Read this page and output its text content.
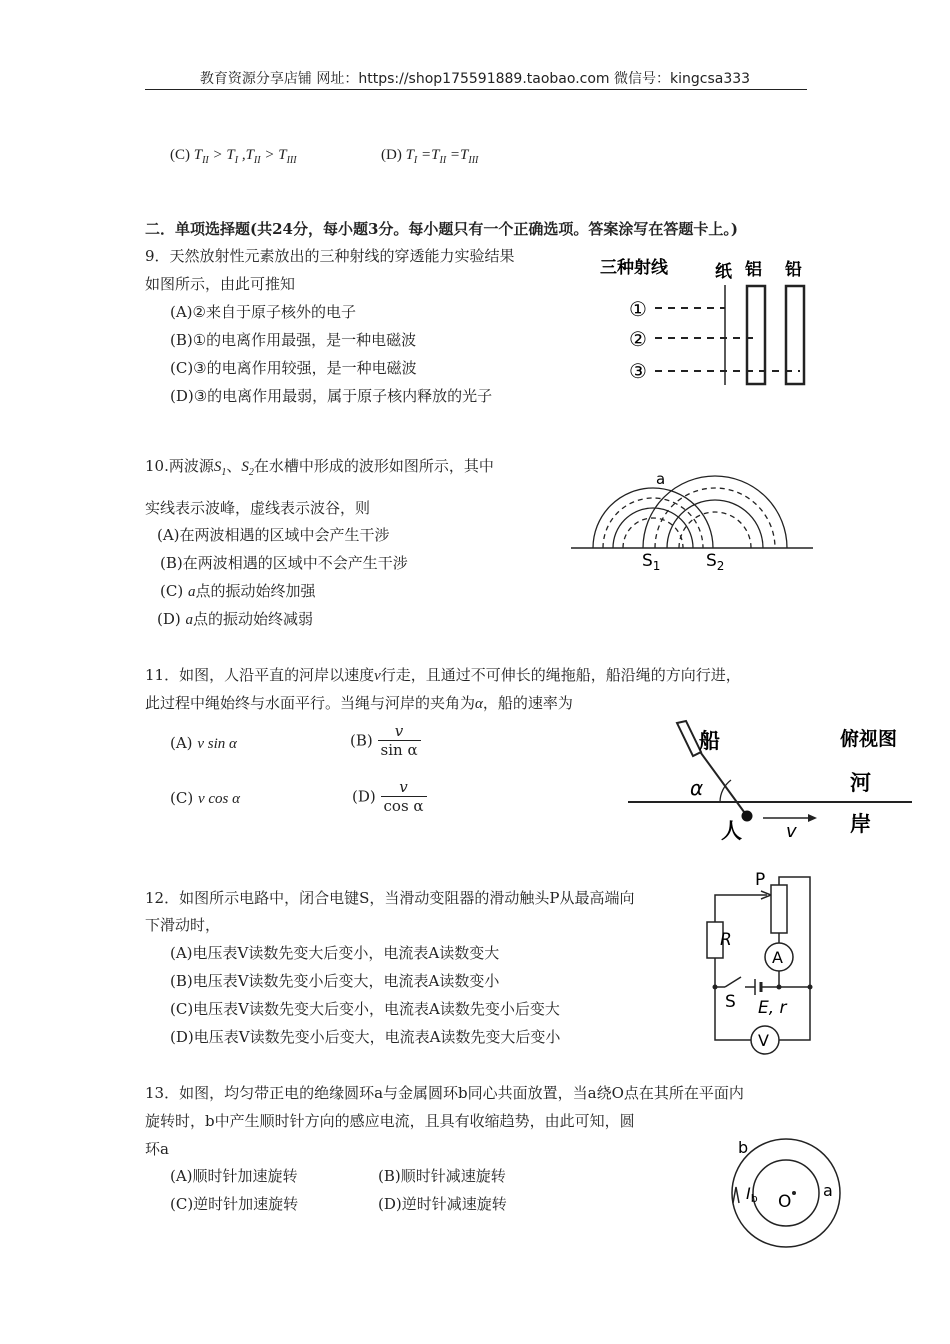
教育资源分享店铺 网址：https://shop175591889.taobao.com 微信号：kingcsa333
(C) $T_{II} > T_I$ $,T_{II} > T_{III}$	(D) $T_I =T_{II} =T_{III}$
二．单项选择题(共24分，每小题3分。每小题只有一个正确选项。答案涂写在答题卡上。)
9．天然放射性元素放出的三种射线的穿透能力实验结果
如图所示，由此可推知
(A)②来自于原子核外的电子
(B)①的电离作用最强，是一种电磁波
(C)③的电离作用较强，是一种电磁波
(D)③的电离作用最弱，属于原子核内释放的光子
三种射线	纸 铝 铅
①
②
③
10.两波源$S_1$、$S_2$在水槽中形成的波形如图所示，其中
实线表示波峰，虚线表示波谷，则
(A)在两波相遇的区域中会产生干涉
(B)在两波相遇的区域中不会产生干涉
(C) a点的振动始终加强
(D) a点的振动始终减弱
a
$S_1$	$S_2$
11．如图，人沿平直的河岸以速度v行走，且通过不可伸长的绳拖船，船沿绳的方向行进，
此过程中绳始终与水面平行。当绳与河岸的夹角为α，船的速率为
(A) v sin α	$(B) \frac{v}{\text{sin α}}$
(C) v cos α	$(D) \frac{v}{\text{cos α}}$
船	俯视图
河
岸
人
α
v
12．如图所示电路中，闭合电键S，当滑动变阻器的滑动触头P从最高端向
下滑动时，
(A)电压表V读数先变大后变小，电流表A读数变大
(B)电压表V读数先变小后变大，电流表A读数变小
(C)电压表V读数先变大后变小，电流表A读数先变小后变大
(D)电压表V读数先变小后变大，电流表A读数先变大后变小
P
R
A
S E, r
V
13．如图，均匀带正电的绝缘圆环a与金属圆环b同心共面放置，当a绕O点在其所在平面内
旋转时，b中产生顺时针方向的感应电流，且具有收缩趋势，由此可知，圆
环a
(A)顺时针加速旋转	(B)顺时针减速旋转
(C)逆时针加速旋转	(D)逆时针减速旋转
b
a
O
Ib
